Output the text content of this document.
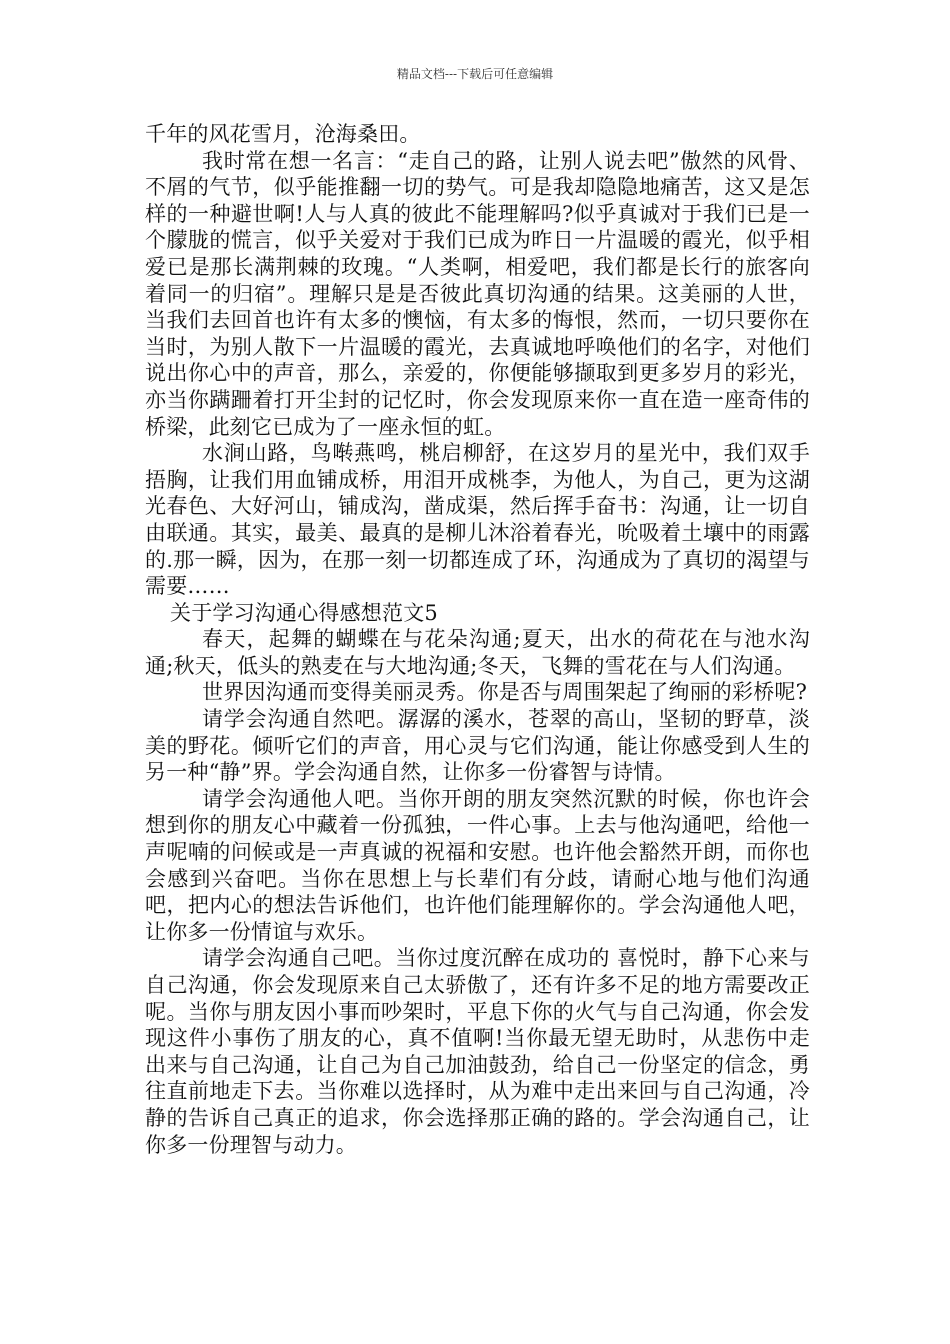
精品文档---下载后可任意编辑

千年的风花雪月，沧海桑田。

我时常在想一名言：“走自己的路，让别人说去吧”傲然的风骨、不屑的气节，似乎能推翻一切的势气。可是我却隐隐地痛苦，这又是怎样的一种避世啊!人与人真的彼此不能理解吗?似乎真诚对于我们已是一个朦胧的慌言，似乎关爱对于我们已成为昨日一片温暖的霞光，似乎相爱已是那长满荆棘的玫瑰。“人类啊，相爱吧，我们都是长行的旅客向着同一的归宿”。理解只是是否彼此真切沟通的结果。这美丽的人世，当我们去回首也许有太多的懊恼，有太多的悔恨，然而，一切只要你在当时，为别人散下一片温暖的霞光，去真诚地呼唤他们的名字，对他们说出你心中的声音，那么，亲爱的，你便能够撷取到更多岁月的彩光，亦当你蹒跚着打开尘封的记忆时，你会发现原来你一直在造一座奇伟的桥梁，此刻它已成为了一座永恒的虹。

水涧山路，鸟啭燕鸣，桃启柳舒，在这岁月的星光中，我们双手捂胸，让我们用血铺成桥，用泪开成桃李，为他人，为自己，更为这湖光春色、大好河山，铺成沟，凿成渠，然后挥手奋书：沟通，让一切自由联通。其实，最美、最真的是柳儿沐浴着春光，吮吸着土壤中的雨露的.那一瞬，因为，在那一刻一切都连成了环，沟通成为了真切的渴望与需要……

关于学习沟通心得感想范文5

春天，起舞的蝴蝶在与花朵沟通;夏天，出水的荷花在与池水沟通;秋天，低头的熟麦在与大地沟通;冬天，飞舞的雪花在与人们沟通。

世界因沟通而变得美丽灵秀。你是否与周围架起了绚丽的彩桥呢?

请学会沟通自然吧。潺潺的溪水，苍翠的高山，坚韧的野草，淡美的野花。倾听它们的声音，用心灵与它们沟通，能让你感受到人生的另一种“静”界。学会沟通自然，让你多一份睿智与诗情。

请学会沟通他人吧。当你开朗的朋友突然沉默的时候，你也许会想到你的朋友心中藏着一份孤独，一件心事。上去与他沟通吧，给他一声呢喃的问候或是一声真诚的祝福和安慰。也许他会豁然开朗，而你也会感到兴奋吧。当你在思想上与长辈们有分歧，请耐心地与他们沟通吧，把内心的想法告诉他们，也许他们能理解你的。学会沟通他人吧，让你多一份情谊与欢乐。

请学会沟通自己吧。当你过度沉醉在成功的 喜悦时，静下心来与自己沟通，你会发现原来自己太骄傲了，还有许多不足的地方需要改正呢。当你与朋友因小事而吵架时，平息下你的火气与自己沟通，你会发现这件小事伤了朋友的心，真不值啊!当你最无望无助时，从悲伤中走出来与自己沟通，让自己为自己加油鼓劲，给自己一份坚定的信念，勇往直前地走下去。当你难以选择时，从为难中走出来回与自己沟通，冷静的告诉自己真正的追求，你会选择那正确的路的。学会沟通自己，让你多一份理智与动力。
